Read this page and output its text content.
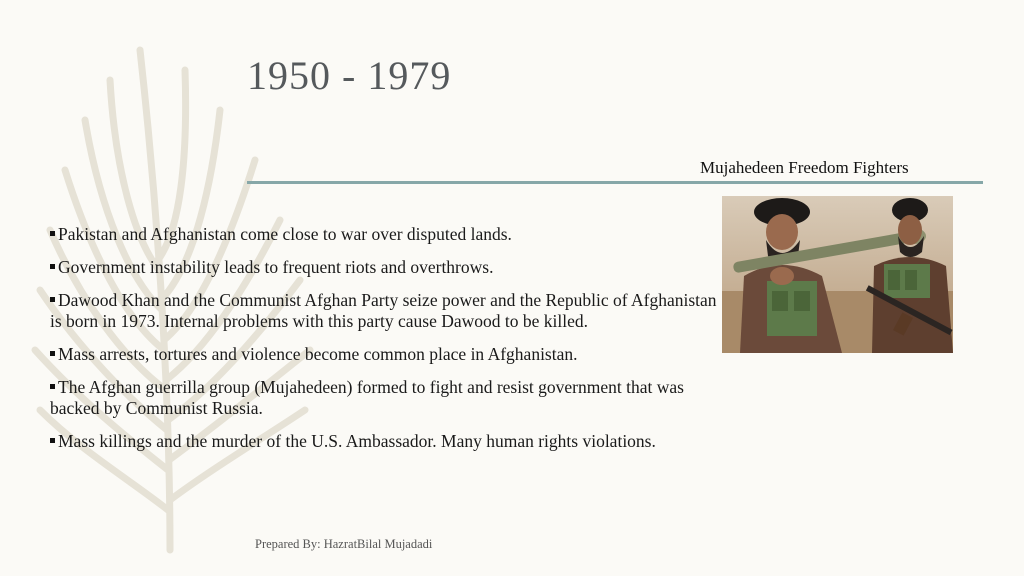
1950 - 1979
Mujahedeen Freedom Fighters
Pakistan and Afghanistan come close to war over disputed lands.
Government instability leads to frequent riots and overthrows.
Dawood Khan and the Communist Afghan Party seize power and the Republic of Afghanistan is born in 1973. Internal problems with this party cause Dawood to be killed.
Mass arrests, tortures and violence become common place in Afghanistan.
The Afghan guerrilla group (Mujahedeen) formed to fight and resist government that was backed by Communist Russia.
Mass killings and the murder of the U.S. Ambassador. Many human rights violations.
Prepared By: HazratBilal Mujadadi
